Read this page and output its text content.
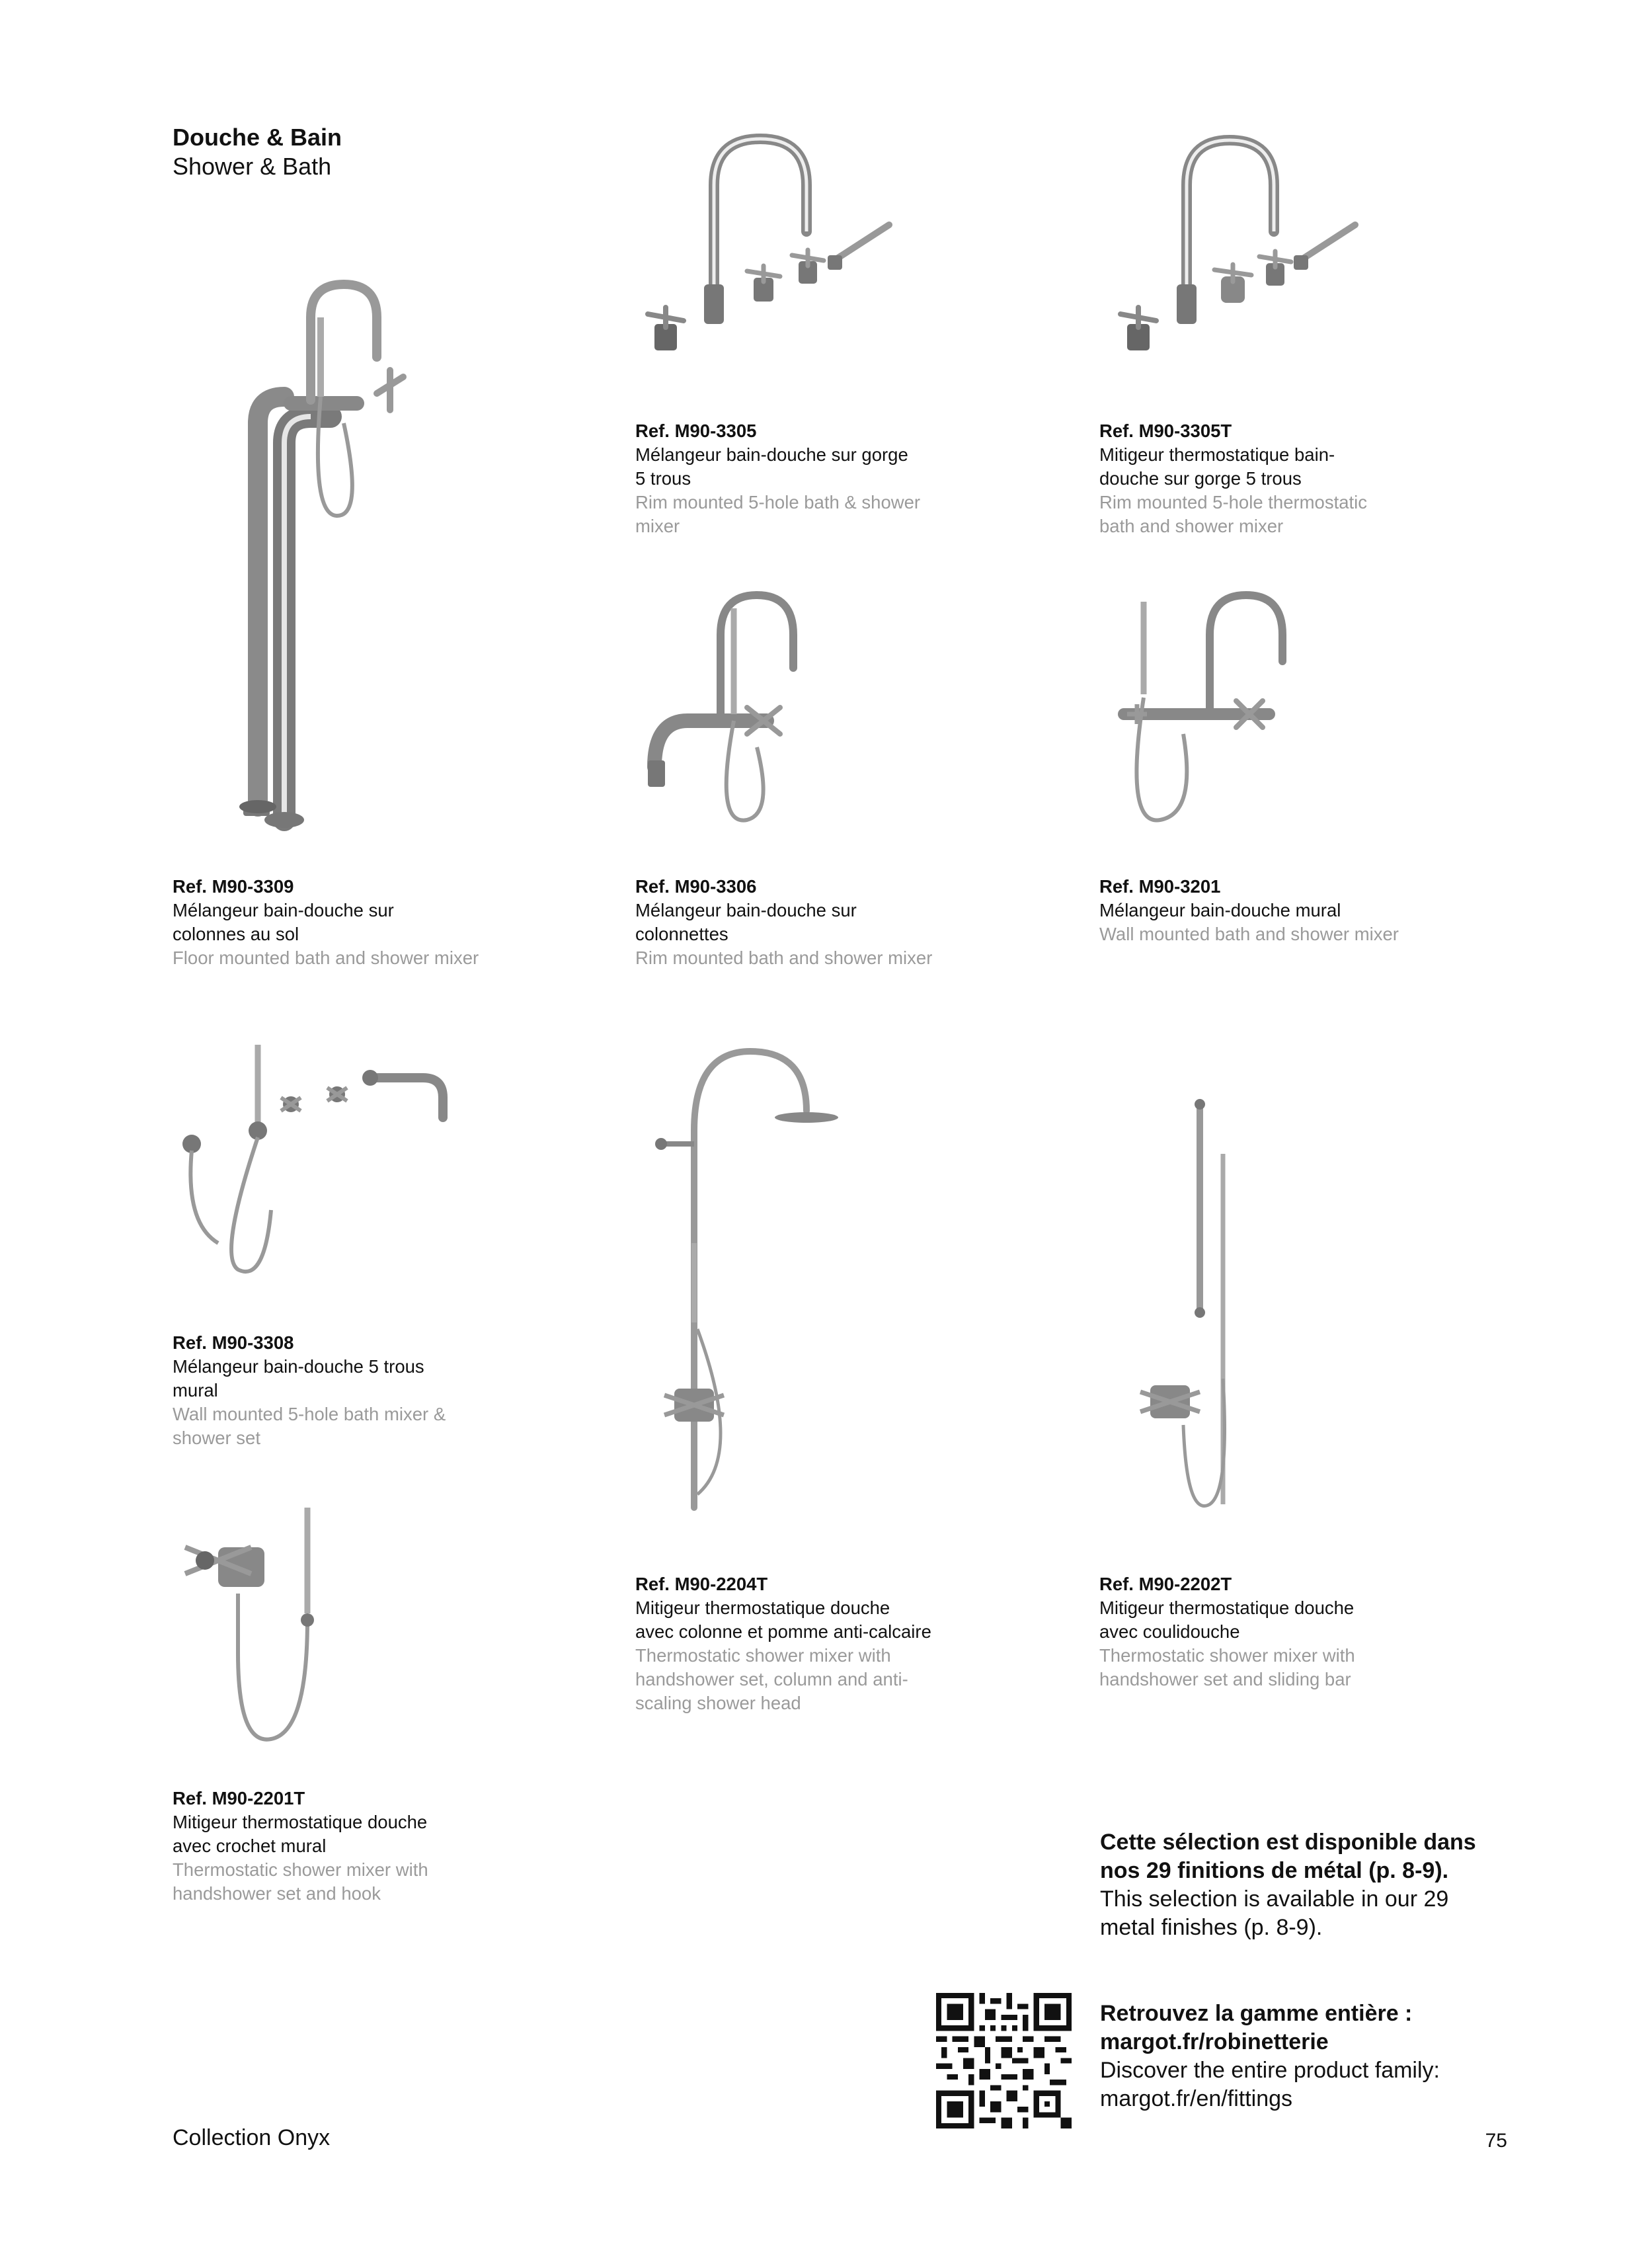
Douche & Bain
Shower & Bath
Ref. M90-3305
Mélangeur bain-douche sur gorge
5 trous
Rim mounted 5-hole bath & shower
mixer
Ref. M90-3305T
Mitigeur thermostatique bain-
douche sur gorge 5 trous
Rim mounted 5-hole thermostatic
bath and shower mixer
Ref. M90-3309
Mélangeur bain-douche sur
colonnes au sol
Floor mounted bath and shower mixer
Ref. M90-3306
Mélangeur bain-douche sur
colonnettes
Rim mounted bath and shower mixer
Ref. M90-3201
Mélangeur bain-douche mural
Wall mounted bath and shower mixer
Ref. M90-3308
Mélangeur bain-douche 5 trous
mural
Wall mounted 5-hole bath mixer &
shower set
Ref. M90-2204T
Mitigeur thermostatique douche
avec colonne et pomme anti-calcaire
Thermostatic shower mixer with
handshower set, column and anti-
scaling shower head
Ref. M90-2202T
Mitigeur thermostatique douche
avec coulidouche
Thermostatic shower mixer with
handshower set and sliding bar
Ref. M90-2201T
Mitigeur thermostatique douche
avec crochet mural
Thermostatic shower mixer with
handshower set and hook
Cette sélection est disponible dans
nos 29 finitions de métal (p. 8-9).
This selection is available in our 29
metal finishes (p. 8-9).
Retrouvez la gamme entière :
margot.fr/robinetterie
Discover the entire product family:
margot.fr/en/fittings
Collection Onyx	75
